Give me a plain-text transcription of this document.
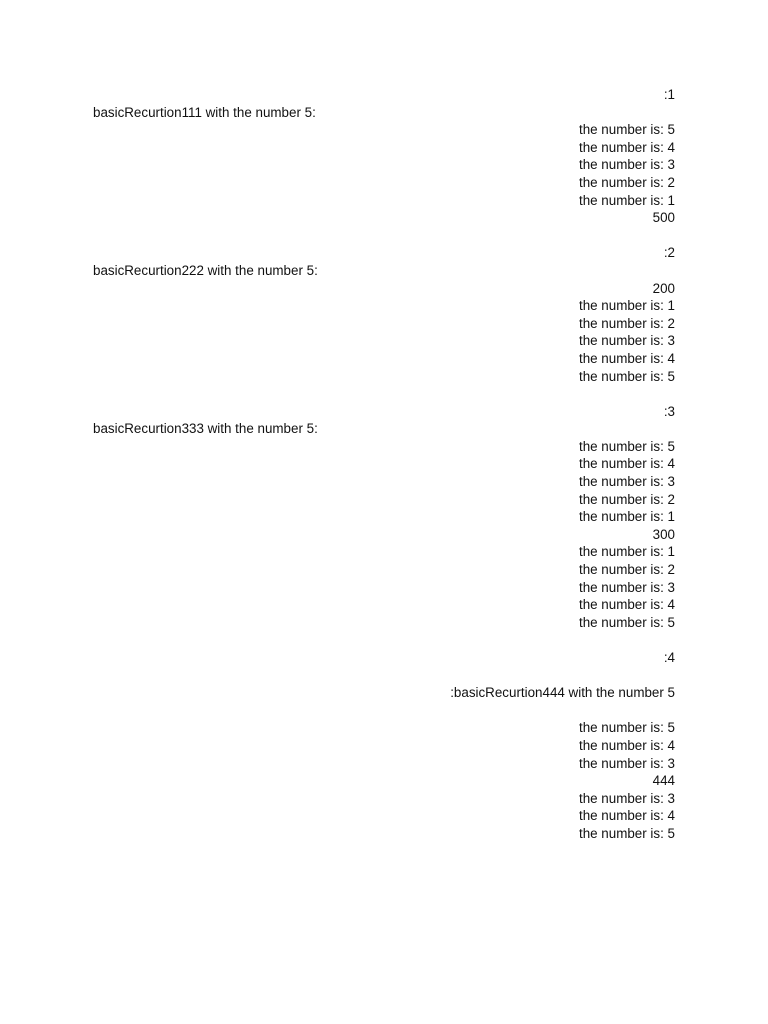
:1
basicRecurtion111 with the number 5:
the number is: 5
the number is: 4
the number is: 3
the number is: 2
the number is: 1
500
:2
basicRecurtion222 with the number 5:
200
the number is: 1
the number is: 2
the number is: 3
the number is: 4
the number is: 5
:3
basicRecurtion333 with the number 5:
the number is: 5
the number is: 4
the number is: 3
the number is: 2
the number is: 1
300
the number is: 1
the number is: 2
the number is: 3
the number is: 4
the number is: 5
:4
:basicRecurtion444 with the number 5
the number is: 5
the number is: 4
the number is: 3
444
the number is: 3
the number is: 4
the number is: 5
